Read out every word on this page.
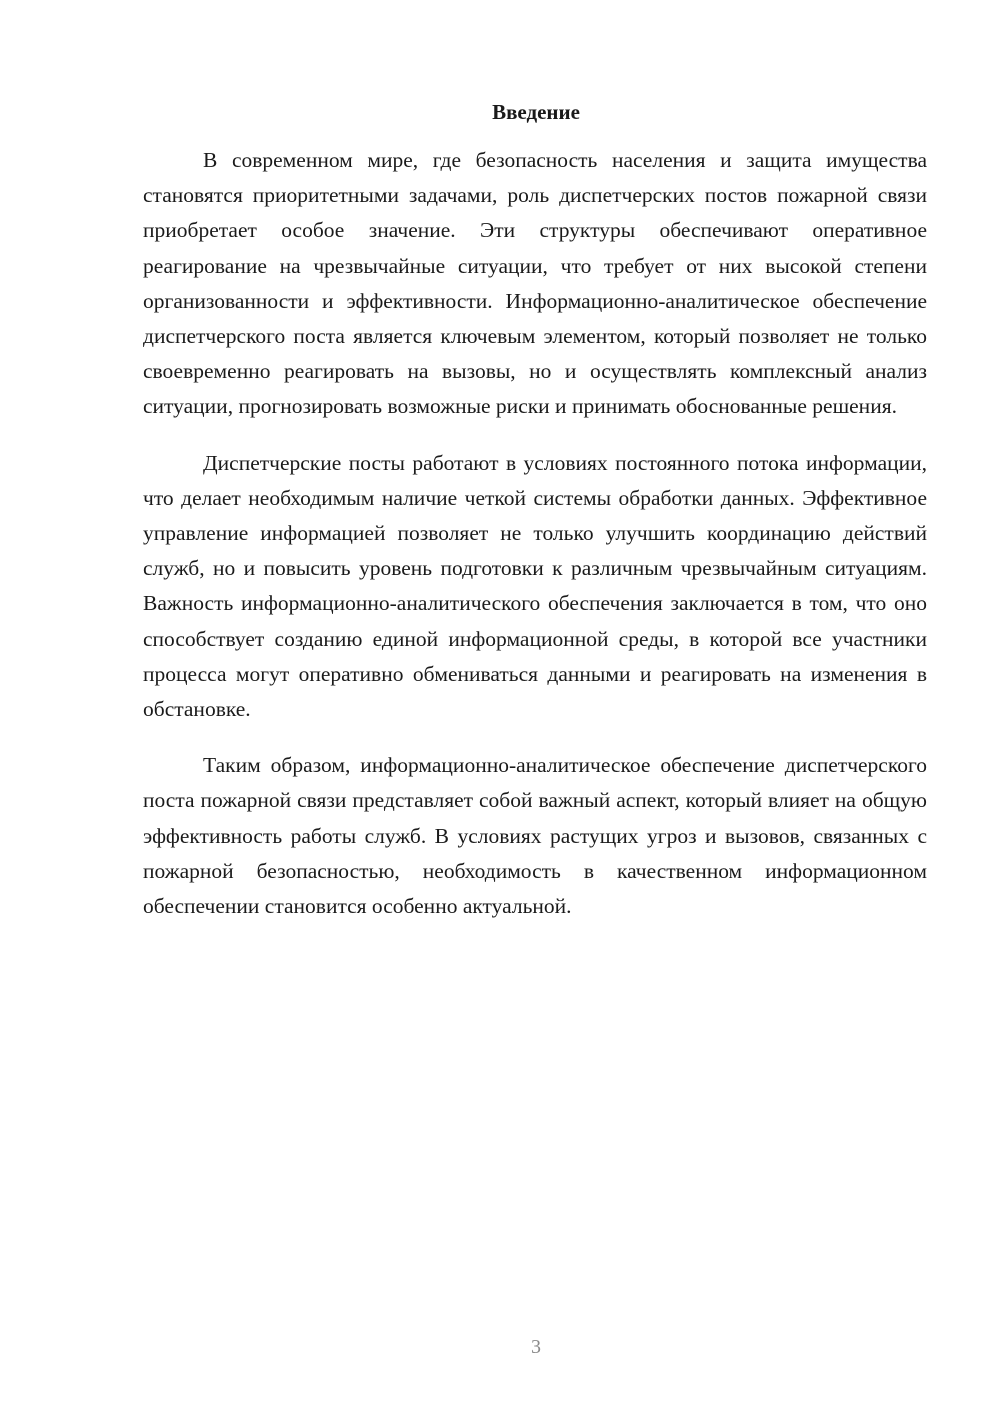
Введение

В современном мире, где безопасность населения и защита имущества становятся приоритетными задачами, роль диспетчерских постов пожарной связи приобретает особое значение. Эти структуры обеспечивают оперативное реагирование на чрезвычайные ситуации, что требует от них высокой степени организованности и эффективности. Информационно-аналитическое обеспечение диспетчерского поста является ключевым элементом, который позволяет не только своевременно реагировать на вызовы, но и осуществлять комплексный анализ ситуации, прогнозировать возможные риски и принимать обоснованные решения.

Диспетчерские посты работают в условиях постоянного потока информации, что делает необходимым наличие четкой системы обработки данных. Эффективное управление информацией позволяет не только улучшить координацию действий служб, но и повысить уровень подготовки к различным чрезвычайным ситуациям. Важность информационно-аналитического обеспечения заключается в том, что оно способствует созданию единой информационной среды, в которой все участники процесса могут оперативно обмениваться данными и реагировать на изменения в обстановке.

Таким образом, информационно-аналитическое обеспечение диспетчерского поста пожарной связи представляет собой важный аспект, который влияет на общую эффективность работы служб. В условиях растущих угроз и вызовов, связанных с пожарной безопасностью, необходимость в качественном информационном обеспечении становится особенно актуальной.

3
